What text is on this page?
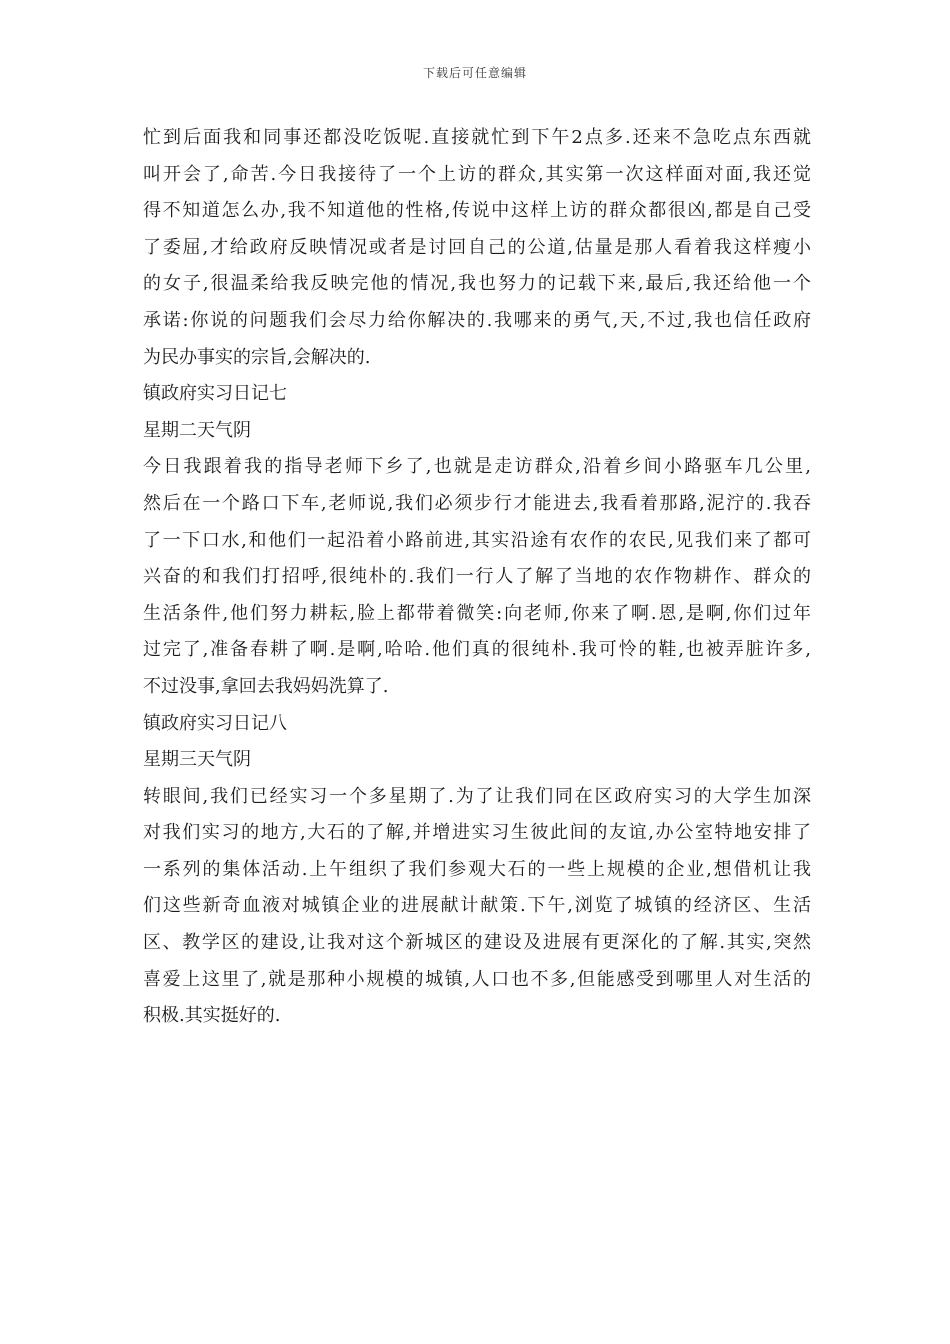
下载后可任意编辑
忙到后面我和同事还都没吃饭呢.直接就忙到下午2点多.还来不急吃点东西就
叫开会了,命苦.今日我接待了一个上访的群众,其实第一次这样面对面,我还觉
得不知道怎么办,我不知道他的性格,传说中这样上访的群众都很凶,都是自己受
了委屈,才给政府反映情况或者是讨回自己的公道,估量是那人看着我这样瘦小
的女子,很温柔给我反映完他的情况,我也努力的记载下来,最后,我还给他一个
承诺:你说的问题我们会尽力给你解决的.我哪来的勇气,天,不过,我也信任政府
为民办事实的宗旨,会解决的.
镇政府实习日记七
星期二天气阴
今日我跟着我的指导老师下乡了,也就是走访群众,沿着乡间小路驱车几公里,
然后在一个路口下车,老师说,我们必须步行才能进去,我看着那路,泥泞的.我吞
了一下口水,和他们一起沿着小路前进,其实沿途有农作的农民,见我们来了都可
兴奋的和我们打招呼,很纯朴的.我们一行人了解了当地的农作物耕作、群众的
生活条件,他们努力耕耘,脸上都带着微笑:向老师,你来了啊.恩,是啊,你们过年
过完了,准备春耕了啊.是啊,哈哈.他们真的很纯朴.我可怜的鞋,也被弄脏许多,
不过没事,拿回去我妈妈洗算了.
镇政府实习日记八
星期三天气阴
转眼间,我们已经实习一个多星期了.为了让我们同在区政府实习的大学生加深
对我们实习的地方,大石的了解,并增进实习生彼此间的友谊,办公室特地安排了
一系列的集体活动.上午组织了我们参观大石的一些上规模的企业,想借机让我
们这些新奇血液对城镇企业的进展献计献策.下午,浏览了城镇的经济区、生活
区、教学区的建设,让我对这个新城区的建设及进展有更深化的了解.其实,突然
喜爱上这里了,就是那种小规模的城镇,人口也不多,但能感受到哪里人对生活的
积极.其实挺好的.
